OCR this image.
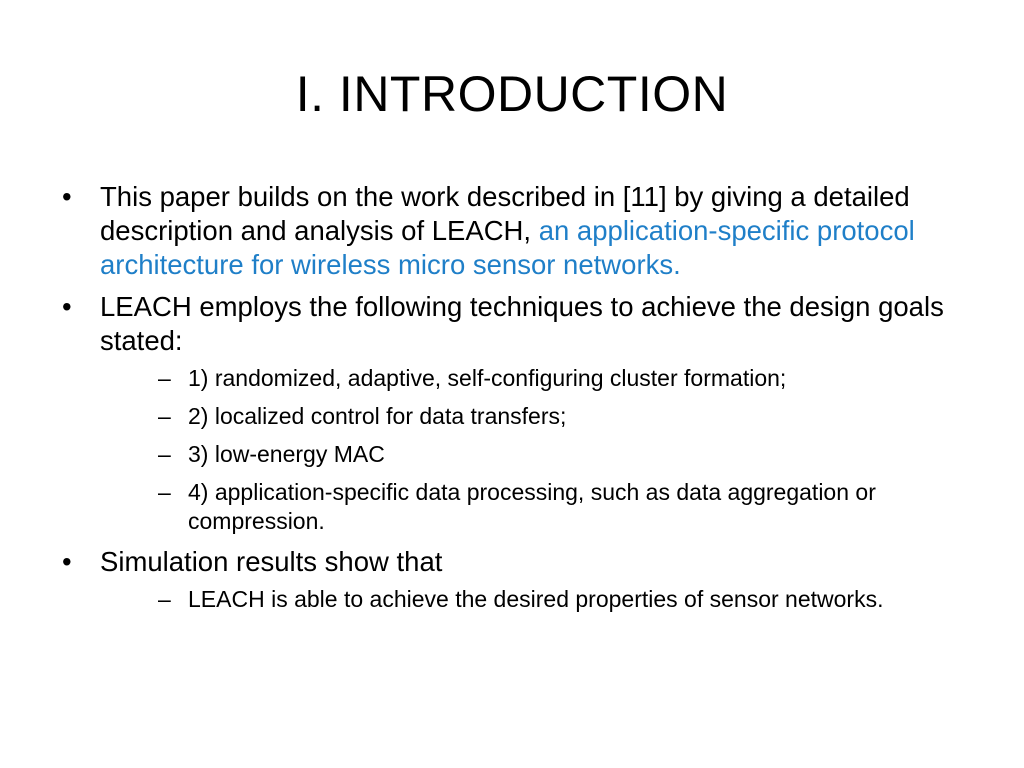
I. INTRODUCTION
• This paper builds on the work described in [11] by giving a detailed description and analysis of LEACH, an application-specific protocol architecture for wireless micro sensor networks.
• LEACH employs the following techniques to achieve the design goals stated:
– 1) randomized, adaptive, self-configuring cluster formation;
– 2) localized control for data transfers;
– 3) low-energy MAC
– 4) application-specific data processing, such as data aggregation or compression.
• Simulation results show that
– LEACH is able to achieve the desired properties of sensor networks.
